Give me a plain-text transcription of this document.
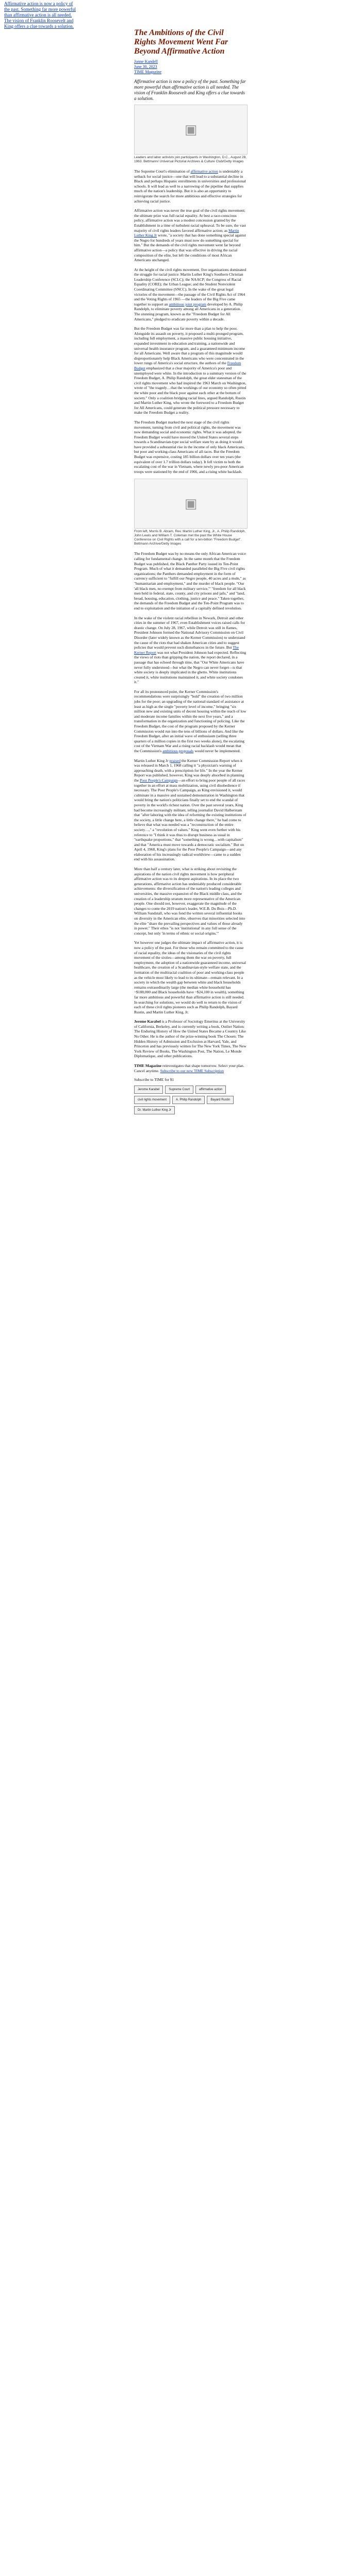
Affirmative action is now a policy of
the past. Something far more powerful
than affirmative action is all needed.
The vision of Franklin Roosevelt and
King offers a clue towards a solution.
The Ambitions of the Civil Rights Movement Went Far Beyond Affirmative Action
Jonne Kandell
June 30, 2023
TIME Magazine
Affirmative action is now a policy of the past. Something far more powerful than affirmative action is all needed. The vision of Franklin Roosevelt and King offers a clue towards a solution.
▣
Leaders and labor activists join participants in Washington, D.C., August 28, 1963. Bettmann/ Universal Pictorial Archives & Culture Club/Getty Images

The Supreme Court's elimination of affirmative action is undeniably a setback for social justice—one that will lead to a substantial decline in Black and perhaps Hispanic enrollments in universities and professional schools. It will lead as well to a narrowing of the pipeline that supplies much of the nation's leadership. But it is also an opportunity to reinvigorate the search for more ambitious and effective strategies for achieving racial justice.

Affirmative action was never the true goal of the civil rights movement; the ultimate prize was full racial equality. At best a race-conscious policy, affirmative action was a modest concession granted by the Establishment in a time of turbulent racial upheaval. To be sure, the vast majority of civil rights leaders favored affirmative action; as Martin Luther King Jr wrote, "a society that has done something special against the Negro for hundreds of years must now do something special for him." But the demands of the civil rights movement went far beyond affirmative action—a policy that was effective in driving the racial composition of the elite, but left the conditions of most African Americans unchanged.

At the height of the civil rights movement, five organizations dominated the struggle for racial justice: Martin Luther King's Southern Christian Leadership Conference (SCLC); the NAACP; the Congress of Racial Equality (CORE); the Urban League; and the Student Nonviolent Coordinating Committee (SNCC). In the wake of the great legal victories of the movement—the passage of the Civil Rights Act of 1964 and the Voting Rights of 1965 —the leaders of the Big Five came together to support an ambitious joint program developed by A. Philip Randolph, to eliminate poverty among all Americans in a generation. The stunning program, known as the "Freedom Budget for All Americans," pledged to eradicate poverty within a decade.

But the Freedom Budget was far more than a plan to help the poor. Alongside its assault on poverty, it proposed a multi-pronged program, including full employment, a massive public housing initiative, expanded investment in education and training, a nationwide and universal health insurance program, and a guaranteed minimum income for all Americans. Well aware that a program of this magnitude would disproportionately help Black Americans who were concentrated in the lower rungs of America's social structure, the authors of the Freedom Budget emphasized that a clear majority of America's poor and unemployed were white. In the introduction to a summary version of the Freedom Budget, A. Philip Randolph, the great elder statesman of the civil rights movement who had inspired the 1963 March on Washington, wrote of "the tragedy…that the workings of our economy so often pitted the white poor and the black poor against each other at the bottom of society." Only a coalition bridging racial lines, argued Randolph, Rustin and Martin Luther King, who wrote the foreword to a Freedom Budget for All Americans, could generate the political pressure necessary to make the Freedom Budget a reality.

The Freedom Budget marked the next stage of the civil rights movement, turning from civil and political rights, the movement was now demanding social and economic rights. What it was adopted, the Freedom Budget would have moved the United States several steps towards a Scandinavian-type social welfare state by as doing it would have provided a substantial rise in the income of only black Americans, but poor and working-class Americans of all races. But the Freedom Budget was expensive, costing 185 billion dollars over ten years (the equivalent of over 1.7 trillion dollars today). It fell victim to both the escalating cost of the war in Vietnam, where newly pro-poor American troops were stationed by the end of 1966, and a rising white backlash.

▣
From left, Morris B. Abram, Rev. Martin Luther King, Jr., A. Philip Randolph, John Lewis and William T. Coleman met the past the White House Conference on Civil Rights with a call for a ten-billion "Freedom Budget". Bettmann Archive/Getty Images

The Freedom Budget was by no means the only African American voice calling for fundamental change. In the same month that the Freedom Budget was published, the Black Panther Party issued its Ten-Point Program. Much of what it demanded paralleled the Big Five civil rights organizations; the Panthers demanded employment in the form of currency sufficient to "fulfill our Negro people, 40 acres and a mule," as "humanitarian and employment," and the murder of black people. "Our 'all black men, no exempt from military service,'" "freedom for all black men held in federal, state, county, and city prisons and jails," and "land, bread, housing, education, clothing, justice and peace." Taken together, the demands of the Freedom Budget and the Ten-Point Program was to end to exploitation and the initiation of a capitally defined revolution.

In the wake of the violent racial rebellion in Newark, Detroit and other cities in the summer of 1967, even Establishment voices raised calls for drastic change. On July 28, 1967, while Detroit was still in flames, President Johnson formed the National Advisory Commission on Civil Disorder (later widely known as the Kerner Commission) to understand the cause of the riots that had shaken American cities and to suggest policies that would prevent such disturbances in the future. But The Kerner Report was not what President Johnson had expected. Reflecting the views of riots than gripping the nation, the report declared, in a passage that has echoed through time, that "Our White Americans have never fully understood—but what the Negro can never forget—is that white society is deeply implicated in the ghetto. White institutions created it, white institutions maintained it, and white society condones it."

For all its pronounced point, the Kerner Commission's recommendations were surprisingly "bold" the creation of two million jobs for the poor; an upgrading of the national standard of assistance at least as high as the single "poverty level of income," bringing "six million new and existing units of decent housing within the reach of low and moderate income families within the next five years," and a transformation in the organization and functioning of policing. Like the Freedom Budget, the cost of the program proposed by the Kerner Commission would run into the tens of billions of dollars. And like the Freedom Budget, after an initial wave of enthusiasm (selling three quarters of a million copies in the first two weeks alone), the escalating cost of the Vietnam War and a rising racial backlash would mean that the Commission's ambitious proposals would never be implemented.

Martin Luther King Jr praised the Kerner Commission Report when it was released in March 1, 1968 calling it "a physician's warning of approaching death, with a prescription for life." In the year the Kerner Report was published, however, King was deeply absorbed in planning the Poor People's Campaign—an effort to bring poor people of all races together in an effort at mass mobilization, using civil disobedience if necessary. The Poor People's Campaign, as King envisioned it, would culminate in a massive and sustained demonstration in Washington that would bring the nation's politicians finally set to end the scandal of poverty in the world's richest nation. Over the past several years, King had become increasingly militant, telling journalist David Halberstam that "after laboring with the idea of reforming the existing institutions of the society, a little change here, a little change there," he had come to believe that what was needed was a "reconstruction of the entire society…," a "revolution of values." King went even further with his reference to "I think it was thus to disrupt business as usual in "earthquake proportions," that "something is wrong…with capitalism" and that "America must move towards a democratic socialism." But on April 4, 1968, King's plans for the Poor People's Campaign—and any elaboration of his increasingly radical worldview—came to a sudden end with his assassination.

More than half a century later, what is striking about revisiting the aspirations of the nation civil rights movement is how peripheral affirmative action was to its deepest aspirations. In its place the two generations, affirmative action has undeniably produced considerable achievements: the diversification of the nation's leading colleges and universities, the massive expansion of the Black middle class, and the creation of a leadership stratum more representative of the American people. One should not, however, exaggerate the magnitude of the changes to come the 2019 nation's leader, W.E.B. Du Bois—Ph.D. William Sundstall, who was fond the written several influential books on diversity in the American elite, observes that minorities selected into the elite "share the prevailing perspectives and values of those already in power." Their ethos "is not 'institutional' in any full sense of the concept, but only 'in terms of ethnic or social origins.'"

Yet however one judges the ultimate impact of affirmative action, it is now a policy of the past. For those who remain committed to the cause of racial equality, the ideas of the visionaries of the civil rights movement of the sixties—among them the war on poverty, full employment, the adoption of a nationwide guaranteed income, universal healthcare, the creation of a Scandinavian-style welfare state, and the formation of the multiracial coalition of poor and working-class people as the vehicle most likely to lead to its ultimate—remain relevant. In a society in which the wealth gap between white and black households remains extraordinarily large (the median white household has ~$188,000 and Black households have ~$24,100 in wealth), something far more ambitious and powerful than affirmative action is still needed. In searching for solutions, we would do well to return to the vision of each of these civil rights pioneers such as Philip Randolph, Bayard Rustin, and Martin Luther King, Jr.

Jerome Karabel is a Professor of Sociology Emeritus at the University of California, Berkeley, and is currently writing a book, Outlier Nation: The Enduring History of How the United States Became a Country Like No Other. He is the author of the prize-winning book The Chosen: The Hidden History of Admission and Exclusion at Harvard, Yale, and Princeton and has previously written for The New York Times, The New York Review of Books, The Washington Post, The Nation, Le Monde Diplomatique, and other publications.

TIME Magazine reinvestigates that shape tomorrow. Select your plan. Cancel anytime. Subscribe to our new TIME Subscription

Subscribe to TIME for $1
Jerome Karabel	Supreme Court	affirmative action
civil rights movement	A. Philip Randolph	Bayard Rustin
Dr. Martin Luther King Jr
